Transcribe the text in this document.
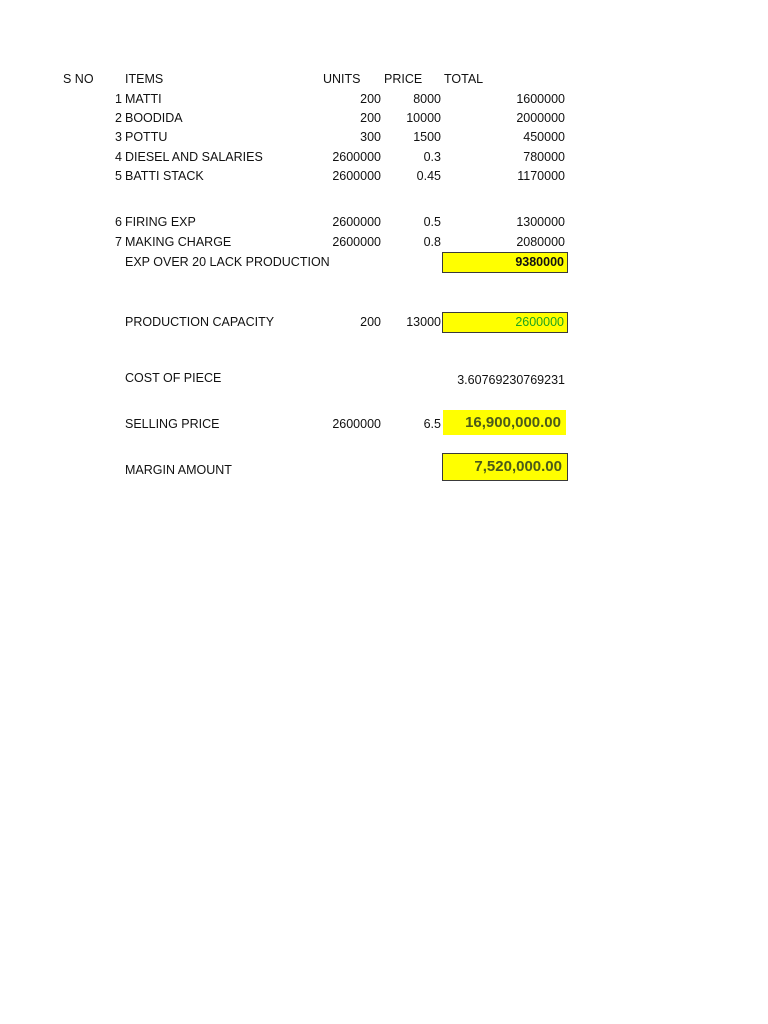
S NO	ITEMS	UNITS PRICE TOTAL
1 MATTI	200	8000	1600000
2 BOODIDA	200	10000	2000000
3 POTTU	300	1500	450000
4 DIESEL AND SALARIES	2600000	0.3	780000
5 BATTI STACK	2600000	0.45	1170000
6 FIRING EXP	2600000	0.5	1300000
7 MAKING CHARGE	2600000	0.8	2080000
EXP OVER 20 LACK PRODUCTION	9380000
PRODUCTION CAPACITY	200	13000	2600000
COST OF PIECE	3.60769230769231
SELLING PRICE	2600000	6.5 16,900,000.00
MARGIN AMOUNT	7,520,000.00
